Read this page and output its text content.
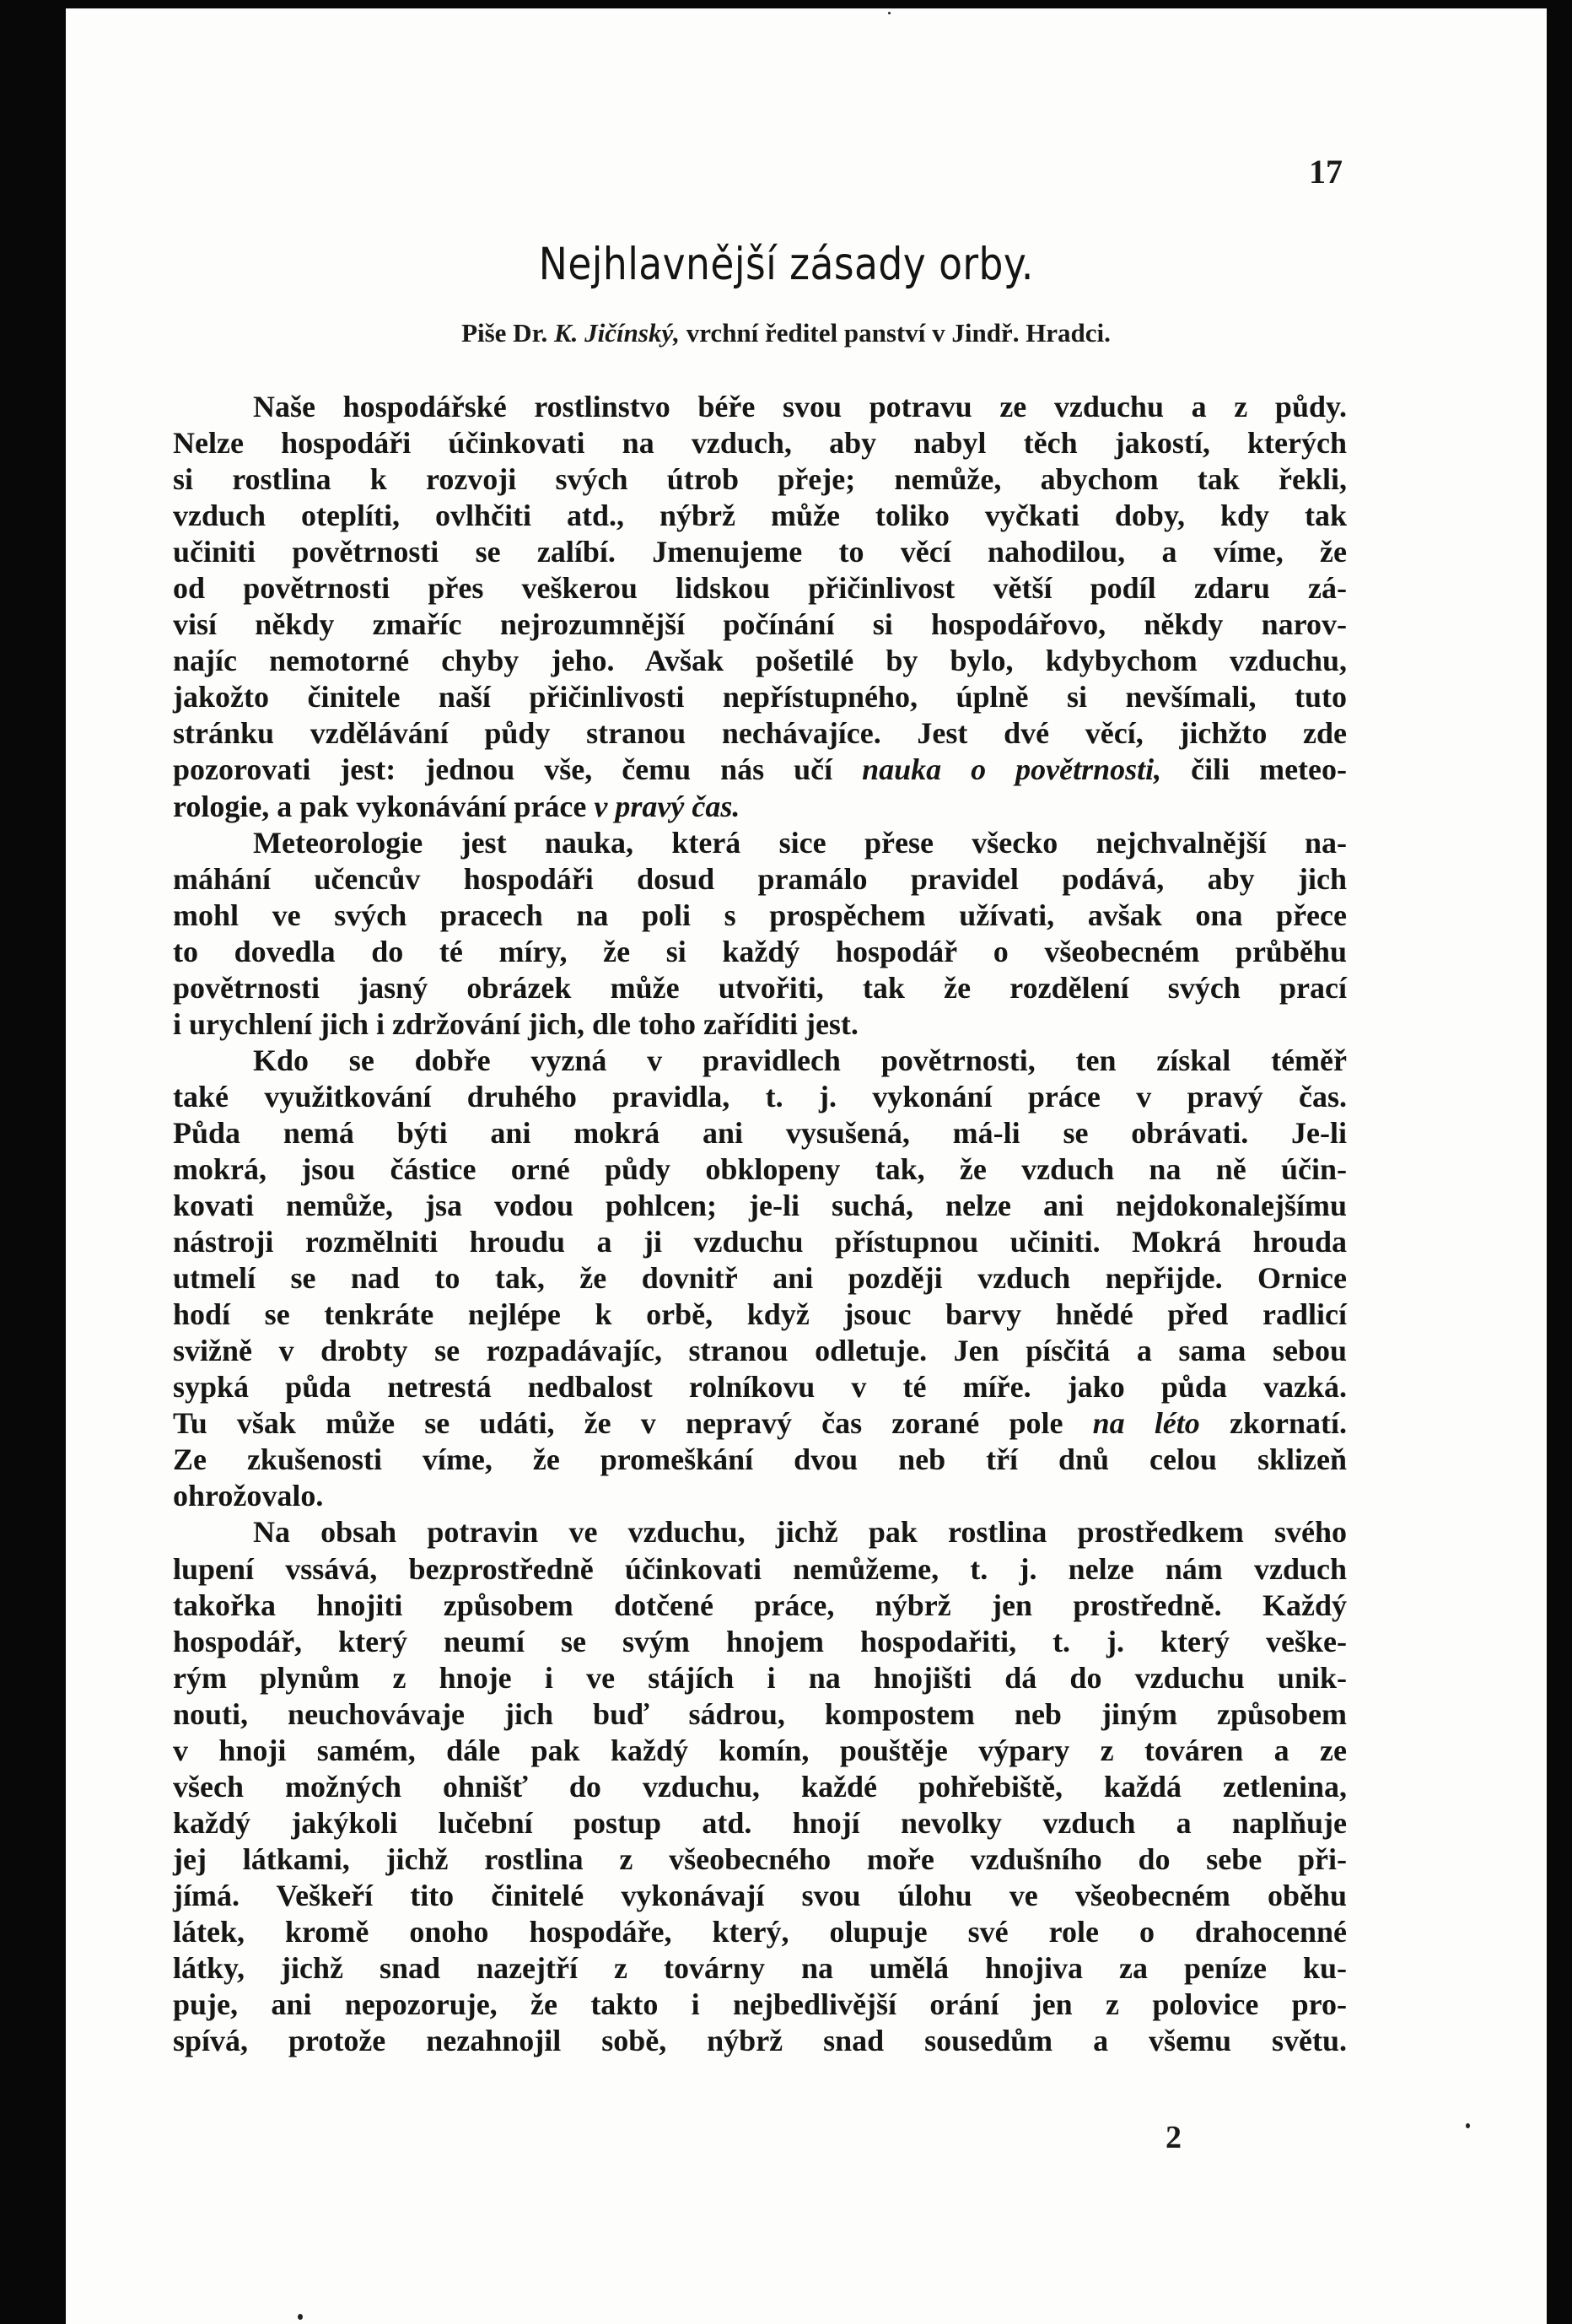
17
Nejhlavnější zásady orby.
Piše Dr. K. Jičínský, vrchní ředitel panství v Jindř. Hradci.
Naše hospodářské rostlinstvo béře svou potravu ze vzduchu a z půdy.
Nelze hospodáři účinkovati na vzduch, aby nabyl těch jakostí, kterých
si rostlina k rozvoji svých útrob přeje; nemůže, abychom tak řekli,
vzduch oteplíti, ovlhčiti atd., nýbrž může toliko vyčkati doby, kdy tak
učiniti povětrnosti se zalíbí. Jmenujeme to věcí nahodilou, a víme, že
od povětrnosti přes veškerou lidskou přičinlivost větší podíl zdaru zá-
visí někdy zmaříc nejrozumnější počínání si hospodářovo, někdy narov-
najíc nemotorné chyby jeho. Avšak pošetilé by bylo, kdybychom vzduchu,
jakožto činitele naší přičinlivosti nepřístupného, úplně si nevšímali, tuto
stránku vzdělávání půdy stranou nechávajíce. Jest dvé věcí, jichžto zde
pozorovati jest: jednou vše, čemu nás učí nauka o povětrnosti, čili meteo-
rologie, a pak vykonávání práce v pravý čas.
Meteorologie jest nauka, která sice přese všecko nejchvalnější na-
máhání učencův hospodáři dosud pramálo pravidel podává, aby jich
mohl ve svých pracech na poli s prospěchem užívati, avšak ona přece
to dovedla do té míry, že si každý hospodář o všeobecném průběhu
povětrnosti jasný obrázek může utvořiti, tak že rozdělení svých prací
i urychlení jich i zdržování jich, dle toho zaříditi jest.
Kdo se dobře vyzná v pravidlech povětrnosti, ten získal téměř
také využitkování druhého pravidla, t. j. vykonání práce v pravý čas.
Půda nemá býti ani mokrá ani vysušená, má-li se obrávati. Je-li
mokrá, jsou částice orné půdy obklopeny tak, že vzduch na ně účin-
kovati nemůže, jsa vodou pohlcen; je-li suchá, nelze ani nejdokonalejšímu
nástroji rozmělniti hroudu a ji vzduchu přístupnou učiniti. Mokrá hrouda
utmelí se nad to tak, že dovnitř ani později vzduch nepřijde. Ornice
hodí se tenkráte nejlépe k orbě, když jsouc barvy hnědé před radlicí
svižně v drobty se rozpadávajíc, stranou odletuje. Jen písčitá a sama sebou
sypká půda netrestá nedbalost rolníkovu v té míře. jako půda vazká.
Tu však může se udáti, že v nepravý čas zorané pole na léto zkornatí.
Ze zkušenosti víme, že promeškání dvou neb tří dnů celou sklizeň
ohrožovalo.
Na obsah potravin ve vzduchu, jichž pak rostlina prostředkem svého
lupení vssává, bezprostředně účinkovati nemůžeme, t. j. nelze nám vzduch
takořka hnojiti způsobem dotčené práce, nýbrž jen prostředně. Každý
hospodář, který neumí se svým hnojem hospodařiti, t. j. který veške-
rým plynům z hnoje i ve stájích i na hnojišti dá do vzduchu unik-
nouti, neuchovávaje jich buď sádrou, kompostem neb jiným způsobem
v hnoji samém, dále pak každý komín, pouštěje výpary z továren a ze
všech možných ohnišť do vzduchu, každé pohřebiště, každá zetlenina,
každý jakýkoli lučební postup atd. hnojí nevolky vzduch a naplňuje
jej látkami, jichž rostlina z všeobecného moře vzdušního do sebe při-
jímá. Veškeří tito činitelé vykonávají svou úlohu ve všeobecném oběhu
látek, kromě onoho hospodáře, který, olupuje své role o drahocenné
látky, jichž snad nazejtří z továrny na umělá hnojiva za peníze ku-
puje, ani nepozoruje, že takto i nejbedlivější orání jen z polovice pro-
spívá, protože nezahnojil sobě, nýbrž snad sousedům a všemu světu.
2
